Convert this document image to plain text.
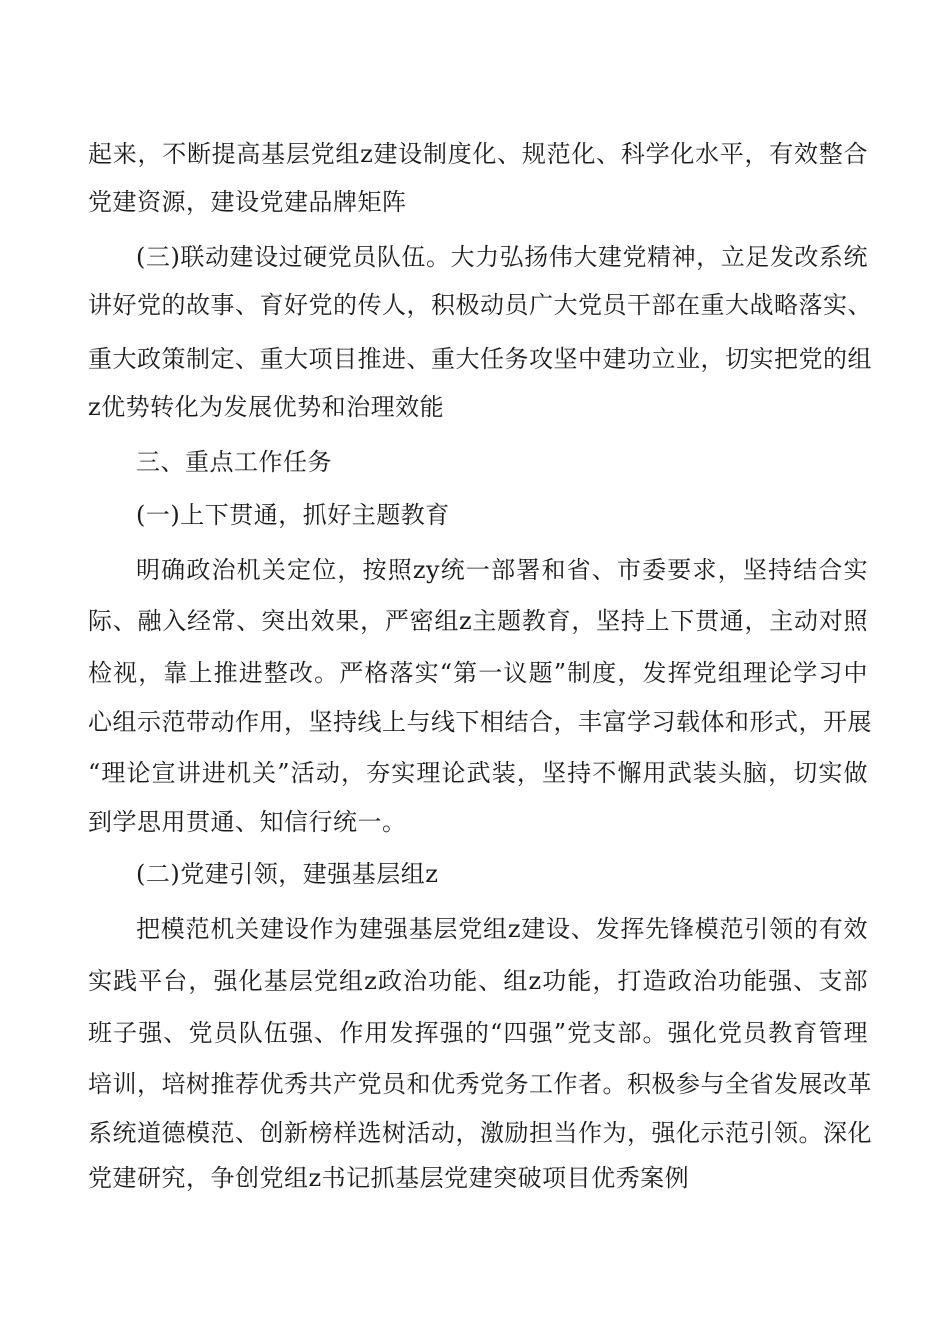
起来，不断提高基层党组z建设制度化、规范化、科学化水平，有效整合
党建资源，建设党建品牌矩阵
(三)联动建设过硬党员队伍。大力弘扬伟大建党精神，立足发改系统
讲好党的故事、育好党的传人，积极动员广大党员干部在重大战略落实、
重大政策制定、重大项目推进、重大任务攻坚中建功立业，切实把党的组
z优势转化为发展优势和治理效能
三、重点工作任务
(一)上下贯通，抓好主题教育
明确政治机关定位，按照zy统一部署和省、市委要求，坚持结合实
际、融入经常、突出效果，严密组z主题教育，坚持上下贯通，主动对照
检视，靠上推进整改。严格落实“第一议题”制度，发挥党组理论学习中
心组示范带动作用，坚持线上与线下相结合，丰富学习载体和形式，开展
“理论宣讲进机关”活动，夯实理论武装，坚持不懈用武装头脑，切实做
到学思用贯通、知信行统一。
(二)党建引领，建强基层组z
把模范机关建设作为建强基层党组z建设、发挥先锋模范引领的有效
实践平台，强化基层党组z政治功能、组z功能，打造政治功能强、支部
班子强、党员队伍强、作用发挥强的“四强”党支部。强化党员教育管理
培训，培树推荐优秀共产党员和优秀党务工作者。积极参与全省发展改革
系统道德模范、创新榜样选树活动，激励担当作为，强化示范引领。深化
党建研究，争创党组z书记抓基层党建突破项目优秀案例
